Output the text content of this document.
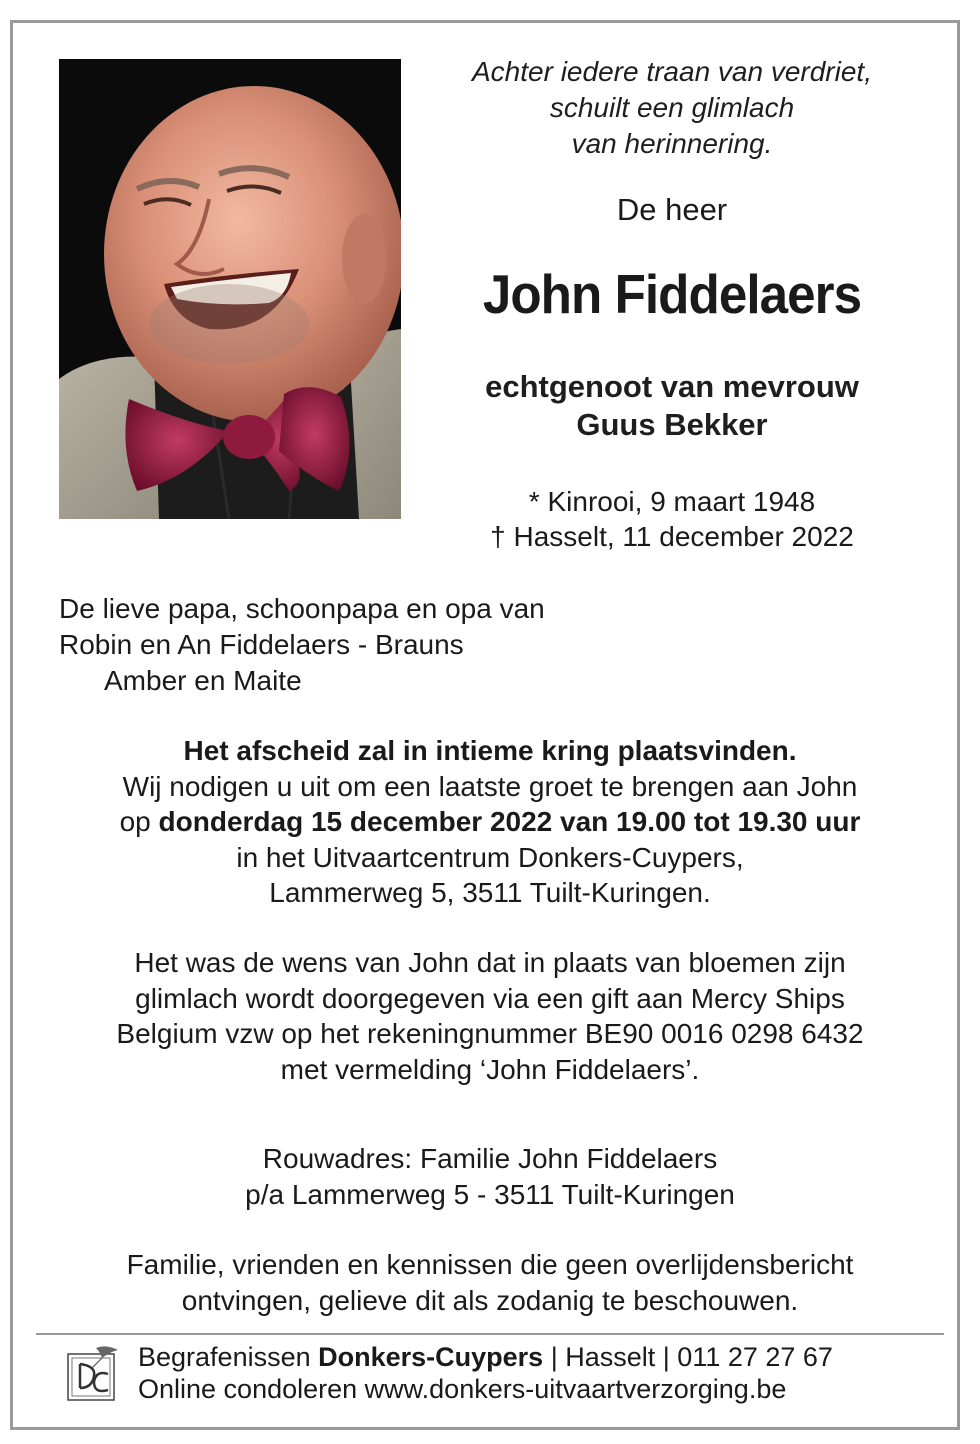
Achter iedere traan van verdriet,
schuilt een glimlach
van herinnering.
De heer
John Fiddelaers
echtgenoot van mevrouw
Guus Bekker
* Kinrooi, 9 maart 1948
† Hasselt, 11 december 2022
De lieve papa, schoonpapa en opa van
Robin en An Fiddelaers - Brauns
Amber en Maite
Het afscheid zal in intieme kring plaatsvinden.
Wij nodigen u uit om een laatste groet te brengen aan John
op donderdag 15 december 2022 van 19.00 tot 19.30 uur
in het Uitvaartcentrum Donkers-Cuypers,
Lammerweg 5, 3511 Tuilt-Kuringen.
Het was de wens van John dat in plaats van bloemen zijn
glimlach wordt doorgegeven via een gift aan Mercy Ships
Belgium vzw op het rekeningnummer BE90 0016 0298 6432
met vermelding ‘John Fiddelaers’.
Rouwadres: Familie John Fiddelaers
p/a Lammerweg 5 - 3511 Tuilt-Kuringen
Familie, vrienden en kennissen die geen overlijdensbericht
ontvingen, gelieve dit als zodanig te beschouwen.
Begrafenissen Donkers-Cuypers | Hasselt | 011 27 27 67
Online condoleren www.donkers-uitvaartverzorging.be
